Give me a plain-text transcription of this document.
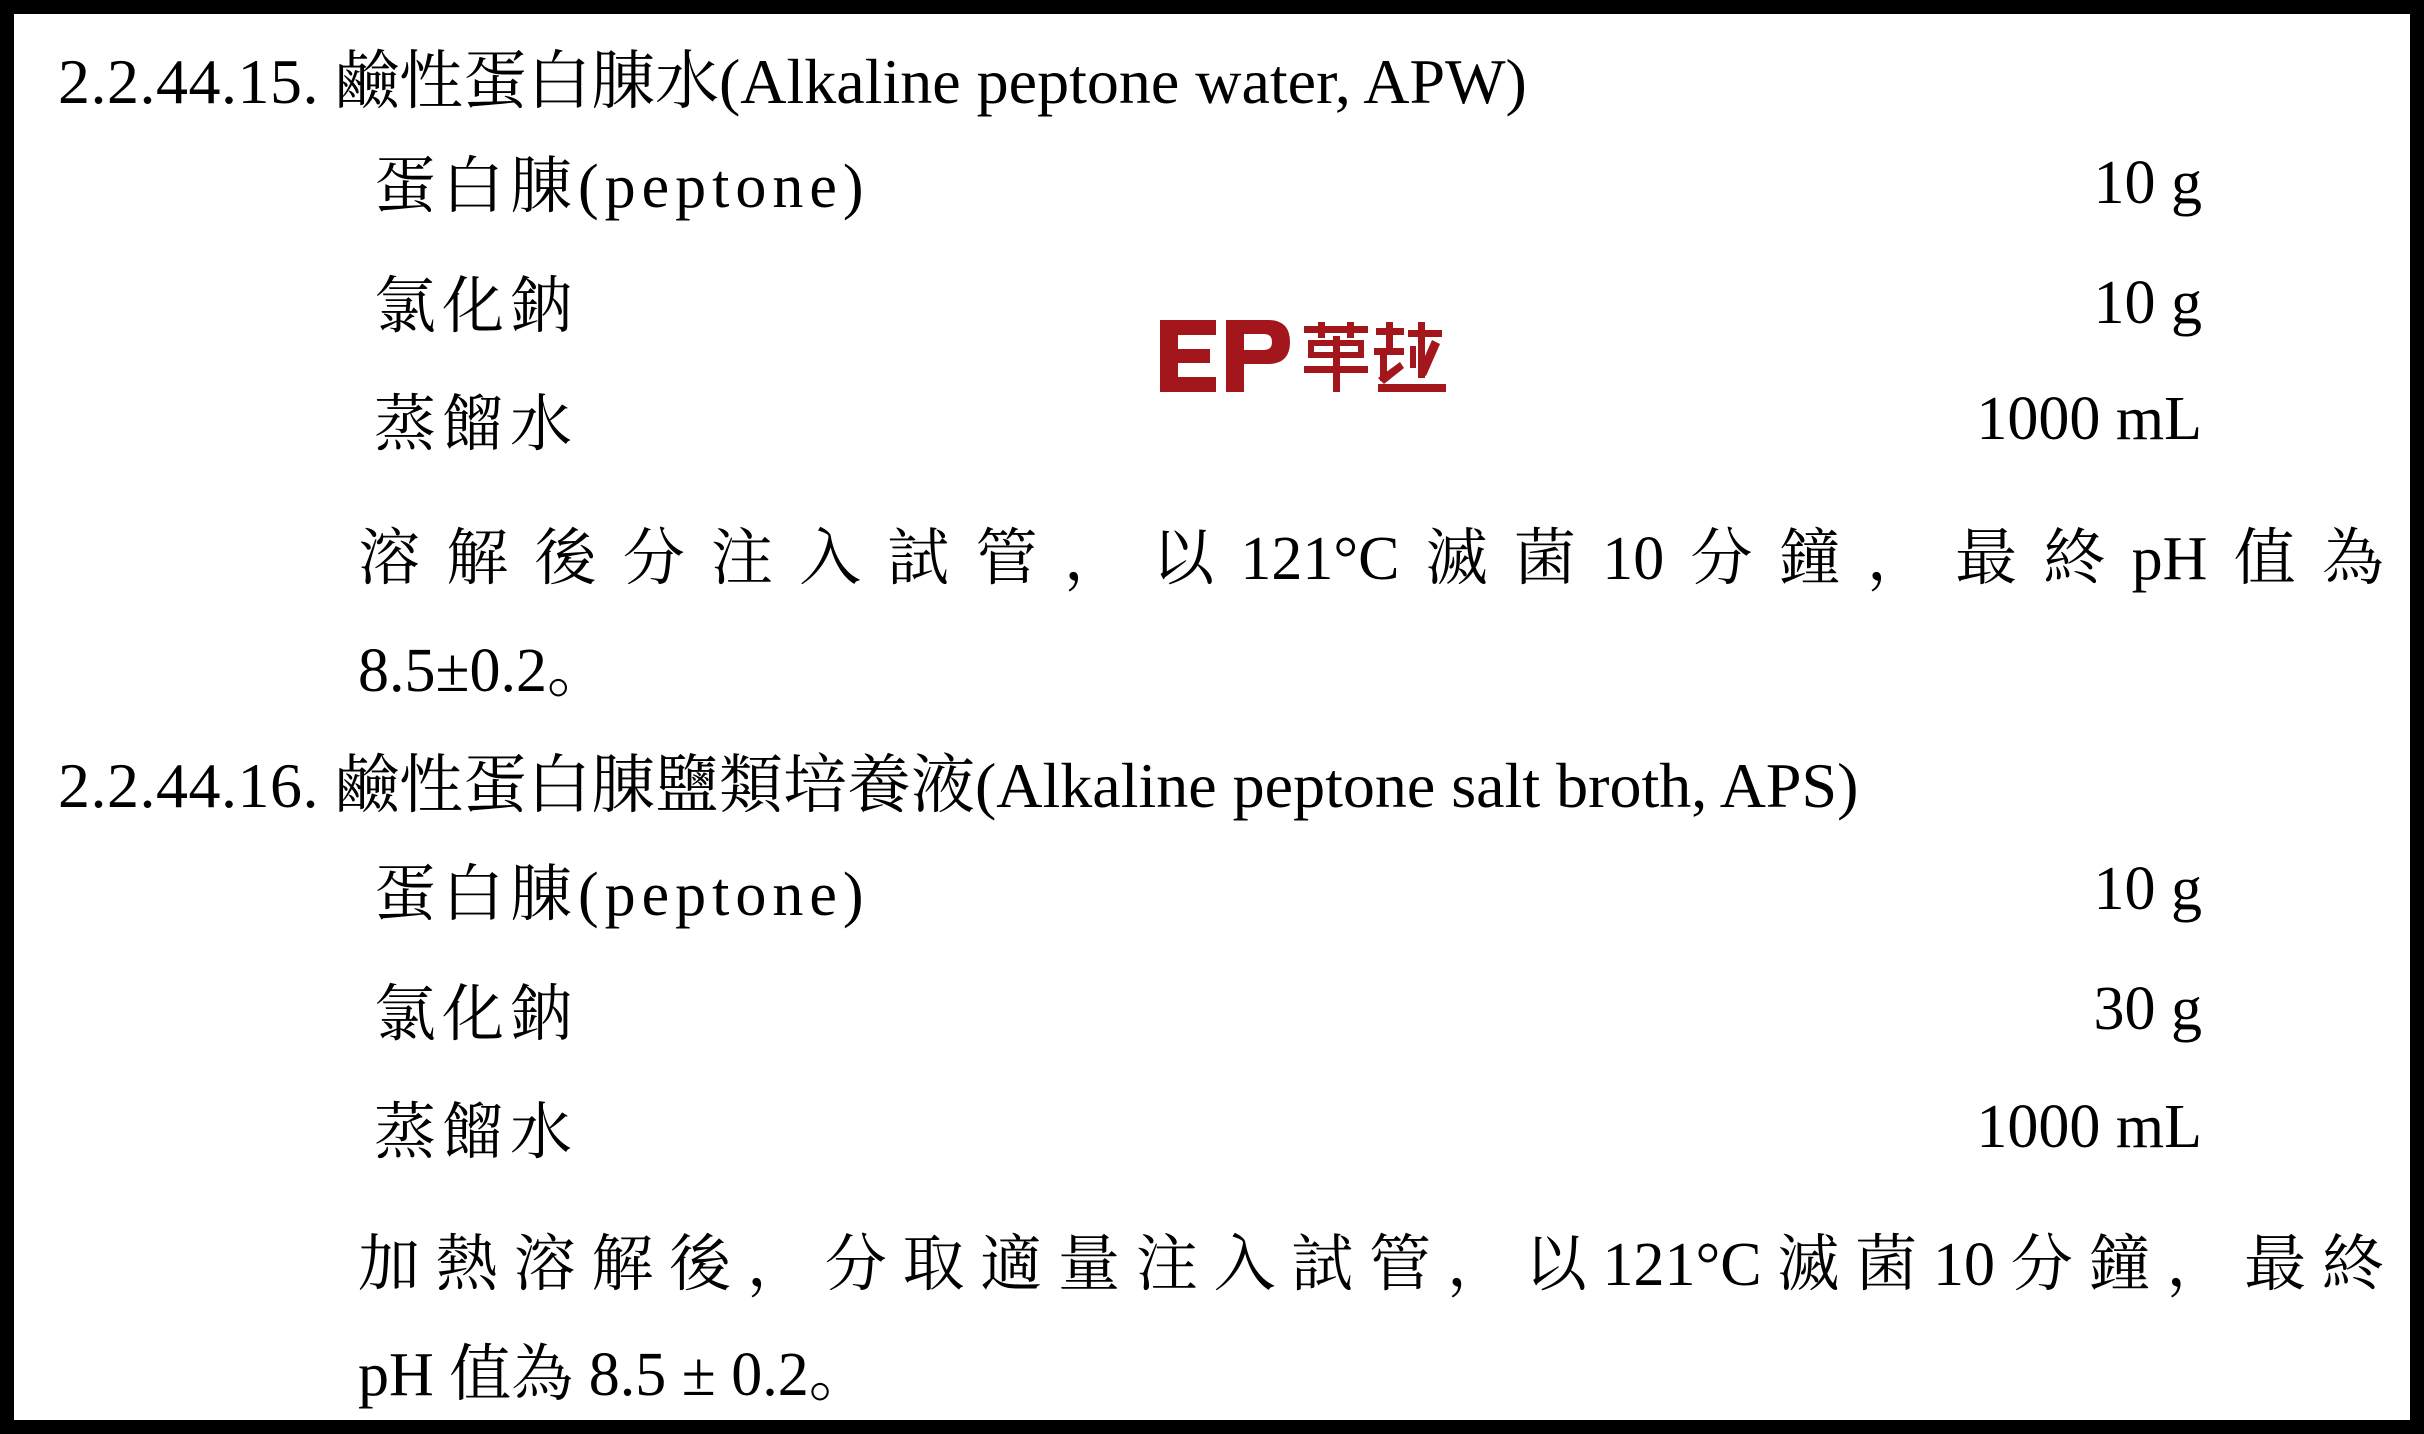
2.2.44.15. 鹼性蛋白腖水(Alkaline peptone water, APW)
蛋白腖(peptone)	10 g
氯化鈉	10 g
蒸餾水	1000 mL
溶 解 後 分 注 入 試 管 ， 以 121°C 滅 菌 10 分 鐘 ， 最 終 pH 值 為
8.5±0.2。
2.2.44.16. 鹼性蛋白腖鹽類培養液(Alkaline peptone salt broth, APS)
蛋白腖(peptone)	10 g
氯化鈉	30 g
蒸餾水	1000 mL
加 熱 溶 解 後 ， 分 取 適 量 注 入 試 管 ， 以 121°C 滅 菌 10 分 鐘 ， 最 終
pH 值為 8.5 ± 0.2。
